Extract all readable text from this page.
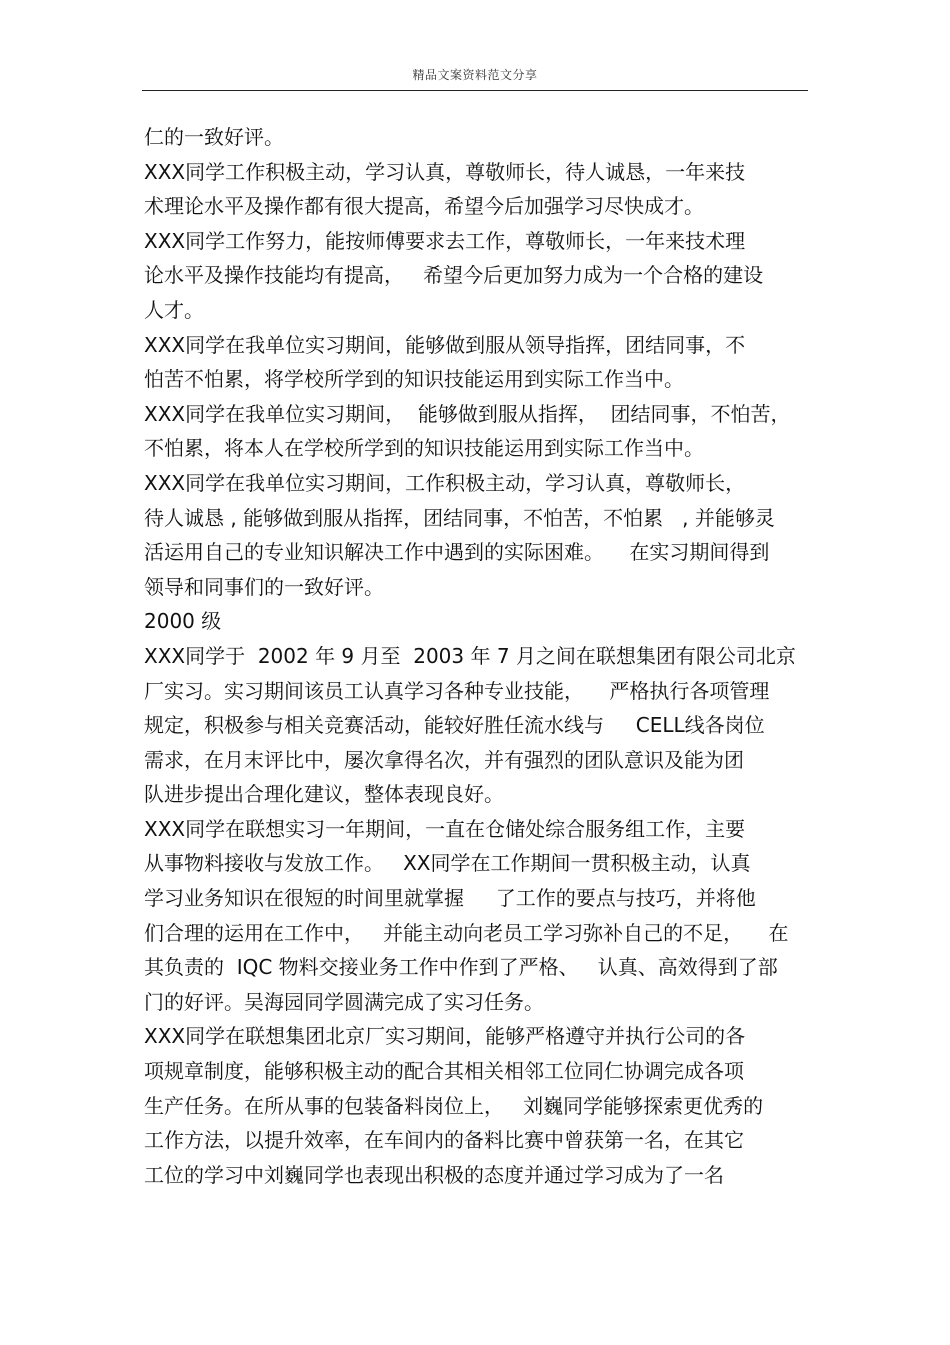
精品文案资料范文分享
仁的一致好评。
XXX同学工作积极主动，学习认真，尊敬师长，待人诚恳，一年来技
术理论水平及操作都有很大提高，希望今后加强学习尽快成才。
XXX同学工作努力，能按师傅要求去工作，尊敬师长，一年来技术理
论水平及操作技能均有提高，   希望今后更加努力成为一个合格的建设
人才。
XXX同学在我单位实习期间，能够做到服从领导指挥，团结同事，不
怕苦不怕累，将学校所学到的知识技能运用到实际工作当中。
XXX同学在我单位实习期间，  能够做到服从指挥，  团结同事，不怕苦，
不怕累，将本人在学校所学到的知识技能运用到实际工作当中。
XXX同学在我单位实习期间，工作积极主动，学习认真，尊敬师长，
待人诚恳 , 能够做到服从指挥，团结同事，不怕苦，不怕累   , 并能够灵
活运用自己的专业知识解决工作中遇到的实际困难。    在实习期间得到
领导和同事们的一致好评。
2000 级
XXX同学于  2002 年 9 月至  2003 年 7 月之间在联想集团有限公司北京
厂实习。实习期间该员工认真学习各种专业技能，    严格执行各项管理
规定，积极参与相关竞赛活动，能较好胜任流水线与     CELL线各岗位
需求，在月末评比中，屡次拿得名次，并有强烈的团队意识及能为团
队进步提出合理化建议，整体表现良好。
XXX同学在联想实习一年期间，一直在仓储处综合服务组工作，主要
从事物料接收与发放工作。   XX同学在工作期间一贯积极主动，认真
学习业务知识在很短的时间里就掌握     了工作的要点与技巧，并将他
们合理的运用在工作中，   并能主动向老员工学习弥补自己的不足，    在
其负责的  IQC 物料交接业务工作中作到了严格、   认真、高效得到了部
门的好评。吴海园同学圆满完成了实习任务。
XXX同学在联想集团北京厂实习期间，能够严格遵守并执行公司的各
项规章制度，能够积极主动的配合其相关相邻工位同仁协调完成各项
生产任务。在所从事的包装备料岗位上，   刘巍同学能够探索更优秀的
工作方法，以提升效率，在车间内的备料比赛中曾获第一名，在其它
工位的学习中刘巍同学也表现出积极的态度并通过学习成为了一名
